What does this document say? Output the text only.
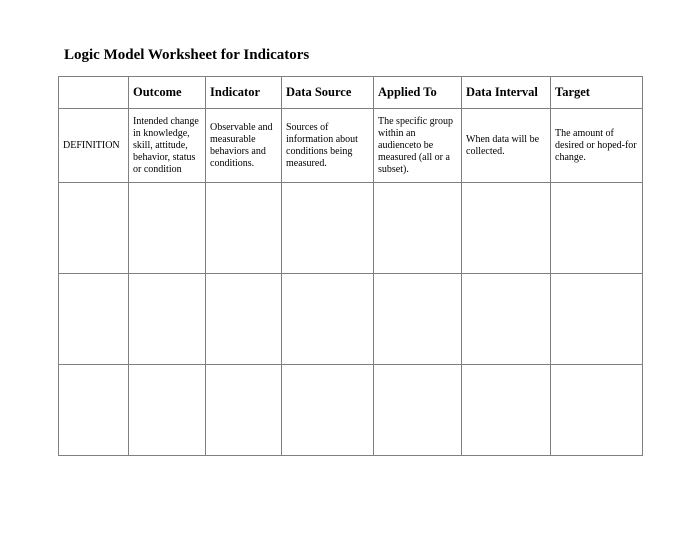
Logic Model Worksheet for Indicators
	Outcome	Indicator	Data Source	Applied To	Data Interval	Target
DEFINITION	Intended change in knowledge, skill, attitude, behavior, status or condition	Observable and measurable behaviors and conditions.	Sources of information about conditions being measured.	The specific group within an audienceto be measured (all or a subset).	When data will be collected.	The amount of desired or hoped-for change.
